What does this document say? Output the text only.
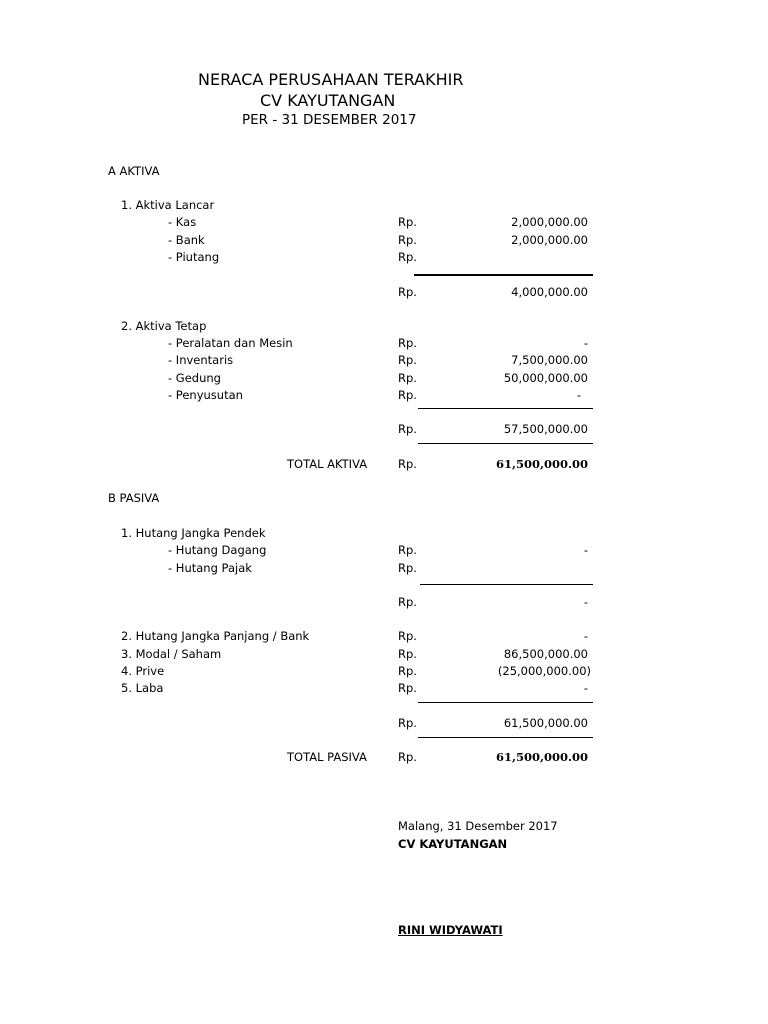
NERACA PERUSAHAAN TERAKHIR
CV KAYUTANGAN
PER - 31 DESEMBER 2017
A AKTIVA
1. Aktiva Lancar
- Kas	Rp.	2,000,000.00
- Bank	Rp.	2,000,000.00
- Piutang	Rp.
Rp.	4,000,000.00
2. Aktiva Tetap
- Peralatan dan Mesin	Rp.	-
- Inventaris	Rp.	7,500,000.00
- Gedung	Rp.	50,000,000.00
- Penyusutan	Rp.	-
Rp.	57,500,000.00
TOTAL AKTIVA	Rp.	61,500,000.00
B PASIVA
1. Hutang Jangka Pendek
- Hutang Dagang	Rp.	-
- Hutang Pajak	Rp.
Rp.	-
2. Hutang Jangka Panjang / Bank	Rp.	-
3. Modal / Saham	Rp.	86,500,000.00
4. Prive	Rp.	(25,000,000.00)
5. Laba	Rp.	-
Rp.	61,500,000.00
TOTAL PASIVA	Rp.	61,500,000.00
Malang, 31 Desember 2017
CV KAYUTANGAN
RINI WIDYAWATI
